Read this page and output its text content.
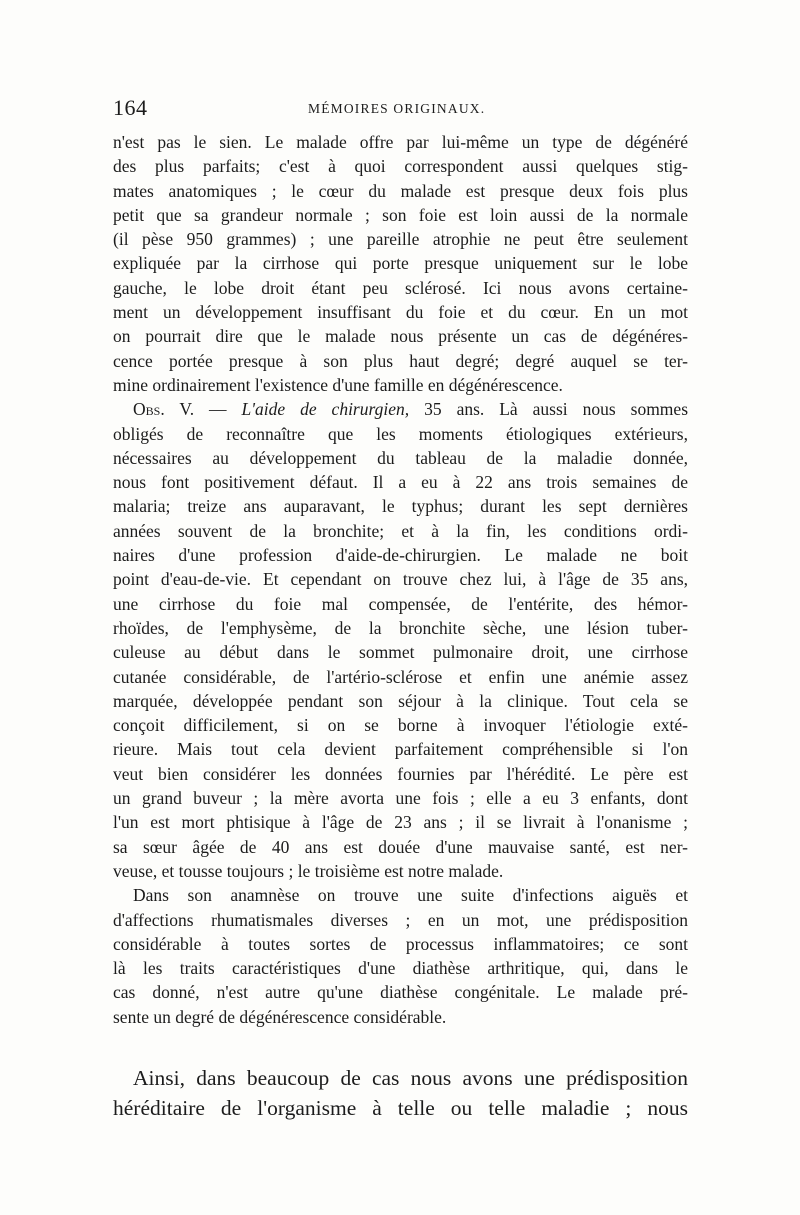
164	MÉMOIRES ORIGINAUX.
n'est pas le sien. Le malade offre par lui-même un type de dégénéré
des plus parfaits; c'est à quoi correspondent aussi quelques stig-
mates anatomiques ; le cœur du malade est presque deux fois plus
petit que sa grandeur normale ; son foie est loin aussi de la normale
(il pèse 950 grammes) ; une pareille atrophie ne peut être seulement
expliquée par la cirrhose qui porte presque uniquement sur le lobe
gauche, le lobe droit étant peu sclérosé. Ici nous avons certaine-
ment un développement insuffisant du foie et du cœur. En un mot
on pourrait dire que le malade nous présente un cas de dégénéres-
cence portée presque à son plus haut degré; degré auquel se ter-
mine ordinairement l'existence d'une famille en dégénérescence.
Obs. V. — L'aide de chirurgien, 35 ans. Là aussi nous sommes
obligés de reconnaître que les moments étiologiques extérieurs,
nécessaires au développement du tableau de la maladie donnée,
nous font positivement défaut. Il a eu à 22 ans trois semaines de
malaria; treize ans auparavant, le typhus; durant les sept dernières
années souvent de la bronchite; et à la fin, les conditions ordi-
naires d'une profession d'aide-de-chirurgien. Le malade ne boit
point d'eau-de-vie. Et cependant on trouve chez lui, à l'âge de 35 ans,
une cirrhose du foie mal compensée, de l'entérite, des hémor-
rhoïdes, de l'emphysème, de la bronchite sèche, une lésion tuber-
culeuse au début dans le sommet pulmonaire droit, une cirrhose
cutanée considérable, de l'artério-sclérose et enfin une anémie assez
marquée, développée pendant son séjour à la clinique. Tout cela se
conçoit difficilement, si on se borne à invoquer l'étiologie exté-
rieure. Mais tout cela devient parfaitement compréhensible si l'on
veut bien considérer les données fournies par l'hérédité. Le père est
un grand buveur ; la mère avorta une fois ; elle a eu 3 enfants, dont
l'un est mort phtisique à l'âge de 23 ans ; il se livrait à l'onanisme ;
sa sœur âgée de 40 ans est douée d'une mauvaise santé, est ner-
veuse, et tousse toujours ; le troisième est notre malade.
Dans son anamnèse on trouve une suite d'infections aiguës et
d'affections rhumatismales diverses ; en un mot, une prédisposition
considérable à toutes sortes de processus inflammatoires; ce sont
là les traits caractéristiques d'une diathèse arthritique, qui, dans le
cas donné, n'est autre qu'une diathèse congénitale. Le malade pré-
sente un degré de dégénérescence considérable.
Ainsi, dans beaucoup de cas nous avons une prédisposition
héréditaire de l'organisme à telle ou telle maladie ; nous
